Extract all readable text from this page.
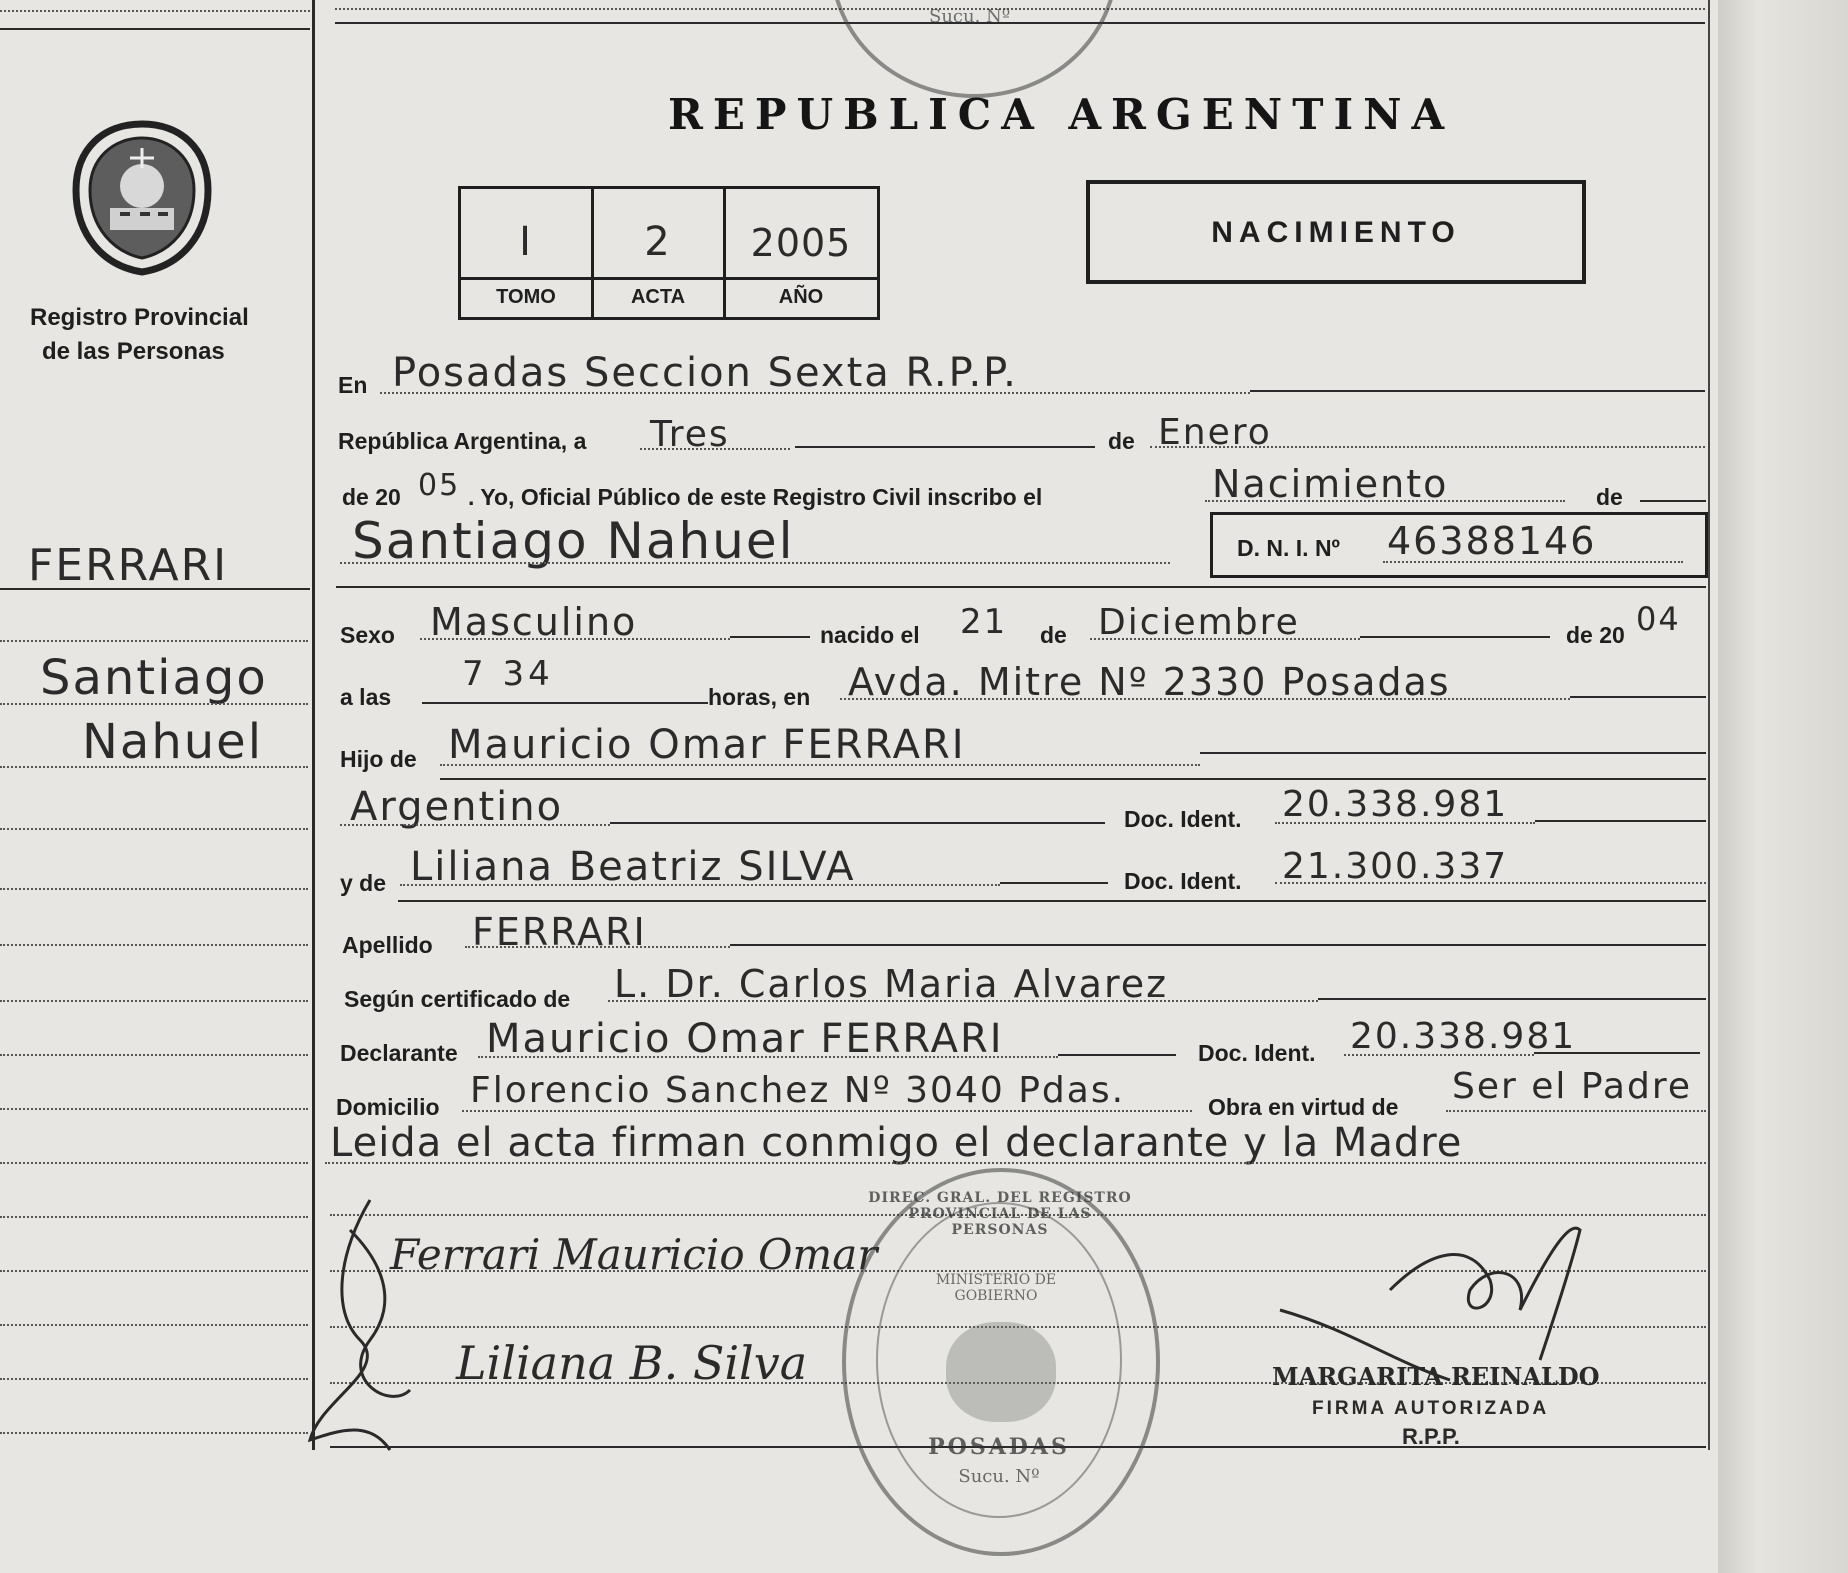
Sucu. Nº
Registro Provincial
de las Personas
FERRARI
Santiago
Nahuel
REPUBLICA ARGENTINA
I	2	2005
TOMO	ACTA	AÑO
NACIMIENTO
En Posadas Seccion Sexta R.P.P.
República Argentina, a Tres	de Enero
de 20 05 . Yo, Oficial Público de este Registro Civil inscribo el	Nacimiento	de
Santiago Nahuel	D. N. I. Nº 46388146
Sexo Masculino	nacido el 21 de Diciembre	de 20 04
a las
7 34
horas, en Avda. Mitre Nº 2330 Posadas
Hijo de Mauricio Omar FERRARI
Argentino	Doc. Ident. 20.338.981
y de Liliana Beatriz SILVA	Doc. Ident. 21.300.337
Apellido FERRARI
Según certificado de L. Dr. Carlos Maria Alvarez
Declarante Mauricio Omar FERRARI	Doc. Ident. 20.338.981
Domicilio Florencio Sanchez Nº 3040 Pdas.	Obra en virtud de Ser el Padre
Leida el acta firman conmigo el declarante y la Madre
Ferrari Mauricio Omar
Liliana B. Silva	MARGARITA REINALDO
FIRMA AUTORIZADA
R.P.P.
DIREC. GRAL. DEL REGISTRO PROVINCIAL DE LAS PERSONAS
MINISTERIO DE GOBIERNO
POSADAS
Sucu. Nº
